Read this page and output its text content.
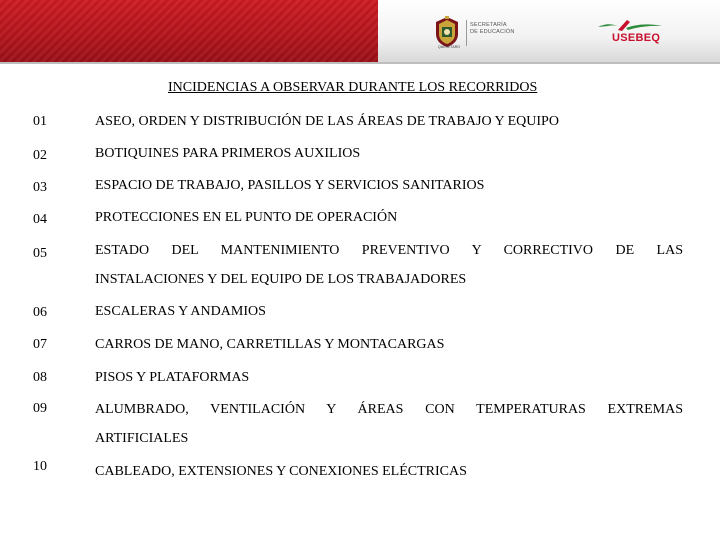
QUERÉTARO
SECRETARÍA
DE EDUCACIÓN	USEBEQ
INCIDENCIAS A OBSERVAR DURANTE LOS RECORRIDOS
01	ASEO, ORDEN Y DISTRIBUCIÓN DE LAS ÁREAS DE TRABAJO Y EQUIPO
02	BOTIQUINES PARA PRIMEROS AUXILIOS
03	ESPACIO DE TRABAJO, PASILLOS Y SERVICIOS SANITARIOS
04	PROTECCIONES EN EL PUNTO DE OPERACIÓN
05	ESTADO DEL MANTENIMIENTO PREVENTIVO Y CORRECTIVO DE LAS
INSTALACIONES Y DEL EQUIPO DE LOS TRABAJADORES
06	ESCALERAS Y ANDAMIOS
07	CARROS DE MANO, CARRETILLAS Y MONTACARGAS
08	PISOS Y PLATAFORMAS
09	ALUMBRADO, VENTILACIÓN Y ÁREAS CON TEMPERATURAS EXTREMAS
ARTIFICIALES
10	CABLEADO, EXTENSIONES Y CONEXIONES ELÉCTRICAS
